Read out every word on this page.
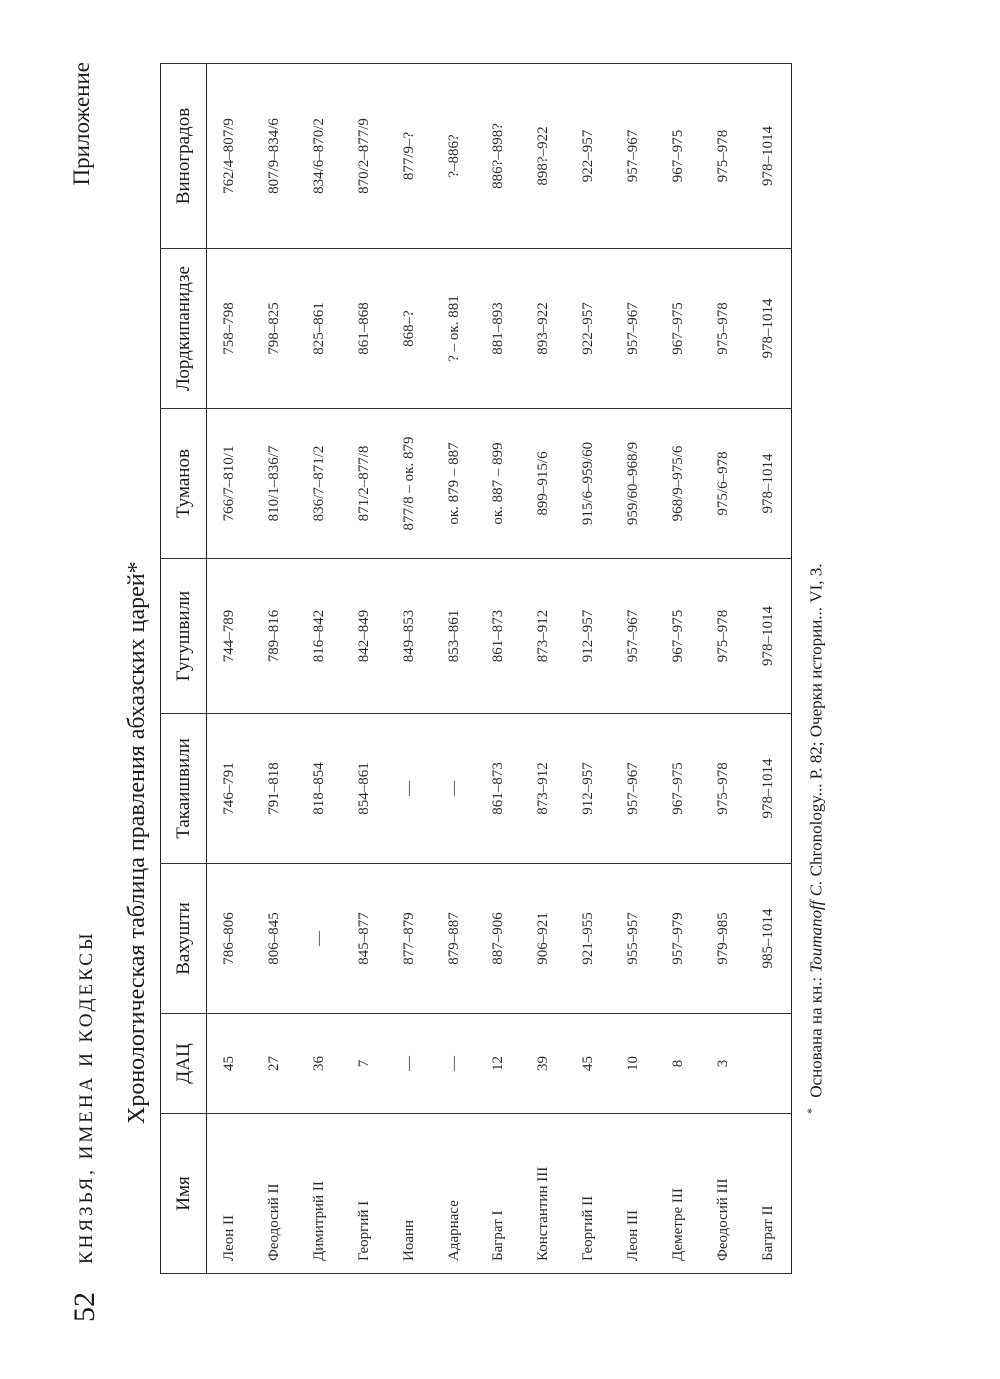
52
КНЯЗЬЯ, ИМЕНА И КОДЕКСЫ
Приложение
Хронологическая таблица правления абхазских царей*
Имя	ДАЦ	Вахушти	Такаишвили	Гугушвили	Туманов	Лордкипанидзе	Виноградов
Леон II	45	786–806	746–791	744–789	766/7–810/1	758–798	762/4–807/9
Феодосий II	27	806–845	791–818	789–816	810/1–836/7	798–825	807/9–834/6
Димитрий II	36	—	818–854	816–842	836/7–871/2	825–861	834/6–870/2
Георгий I	7	845–877	854–861	842–849	871/2–877/8	861–868	870/2–877/9
Иоанн	—	877–879	—	849–853	877/8 – ок. 879	868–?	877/9–?
Адарнасе	—	879–887	—	853–861	ок. 879 – 887	? – ок. 881	?–886?
Баграт I	12	887–906	861–873	861–873	ок. 887 – 899	881–893	886?–898?
Константин III	39	906–921	873–912	873–912	899–915/6	893–922	898?–922
Георгий II	45	921–955	912–957	912–957	915/6–959/60	922–957	922–957
Леон III	10	955–957	957–967	957–967	959/60–968/9	957–967	957–967
Деметре III	8	957–979	967–975	967–975	968/9–975/6	967–975	967–975
Феодосий III	3	979–985	975–978	975–978	975/6–978	975–978	975–978
Баграт II		985–1014	978–1014	978–1014	978–1014	978–1014	978–1014
* Основана на кн.: Toumanoff C. Chronology... P. 82; Очерки истории... VI, 3.
